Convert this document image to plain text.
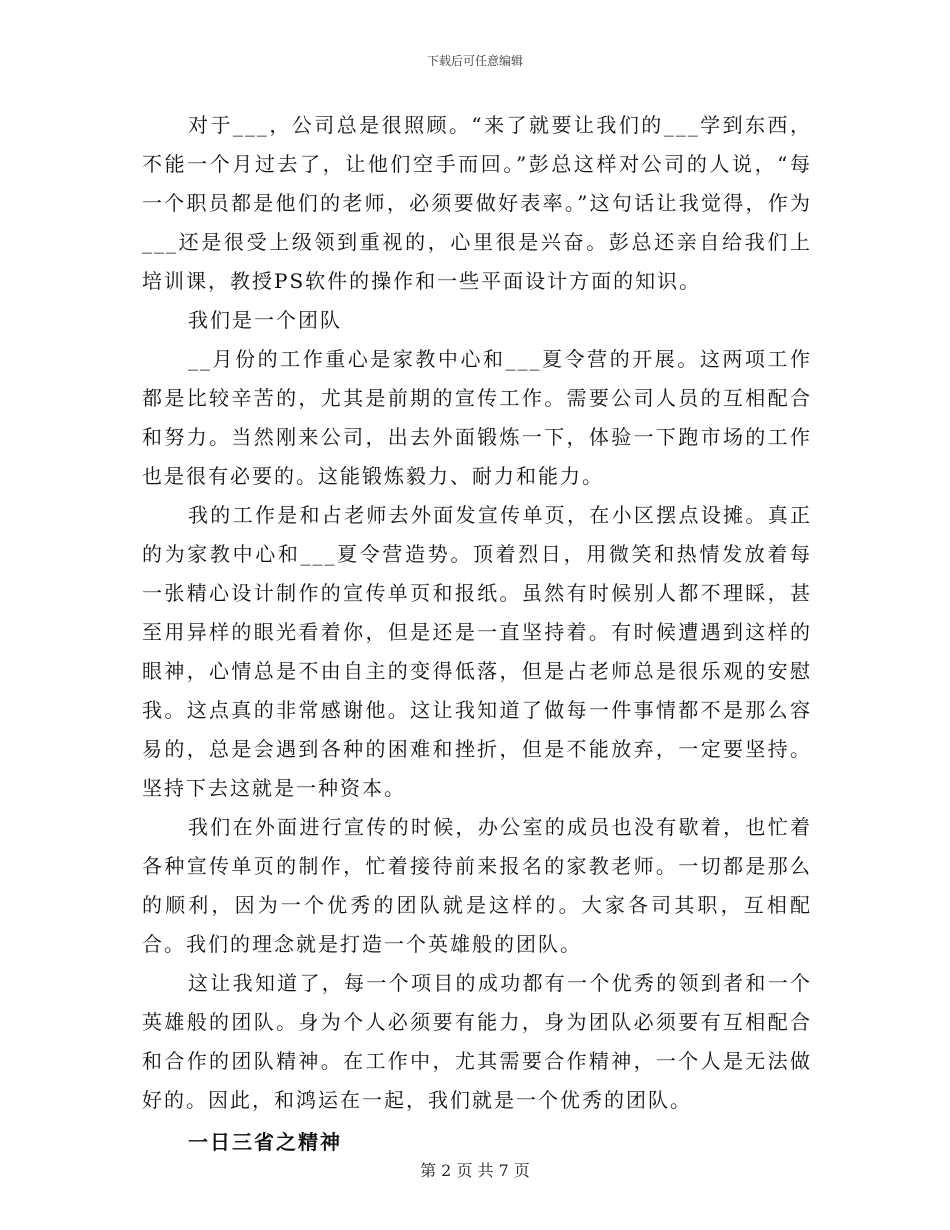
下载后可任意编辑

对于___，公司总是很照顾。“来了就要让我们的___学到东西，不能一个月过去了，让他们空手而回。”彭总这样对公司的人说，“每一个职员都是他们的老师，必须要做好表率。”这句话让我觉得，作为___还是很受上级领到重视的，心里很是兴奋。彭总还亲自给我们上培训课，教授PS软件的操作和一些平面设计方面的知识。

我们是一个团队

__月份的工作重心是家教中心和___夏令营的开展。这两项工作都是比较辛苦的，尤其是前期的宣传工作。需要公司人员的互相配合和努力。当然刚来公司，出去外面锻炼一下，体验一下跑市场的工作也是很有必要的。这能锻炼毅力、耐力和能力。

我的工作是和占老师去外面发宣传单页，在小区摆点设摊。真正的为家教中心和___夏令营造势。顶着烈日，用微笑和热情发放着每一张精心设计制作的宣传单页和报纸。虽然有时候别人都不理睬，甚至用异样的眼光看着你，但是还是一直坚持着。有时候遭遇到这样的眼神，心情总是不由自主的变得低落，但是占老师总是很乐观的安慰我。这点真的非常感谢他。这让我知道了做每一件事情都不是那么容易的，总是会遇到各种的困难和挫折，但是不能放弃，一定要坚持。坚持下去这就是一种资本。

我们在外面进行宣传的时候，办公室的成员也没有歇着，也忙着各种宣传单页的制作，忙着接待前来报名的家教老师。一切都是那么的顺利，因为一个优秀的团队就是这样的。大家各司其职，互相配合。我们的理念就是打造一个英雄般的团队。

这让我知道了，每一个项目的成功都有一个优秀的领到者和一个英雄般的团队。身为个人必须要有能力，身为团队必须要有互相配合和合作的团队精神。在工作中，尤其需要合作精神，一个人是无法做好的。因此，和鸿运在一起，我们就是一个优秀的团队。

一日三省之精神

第 2 页 共 7 页
